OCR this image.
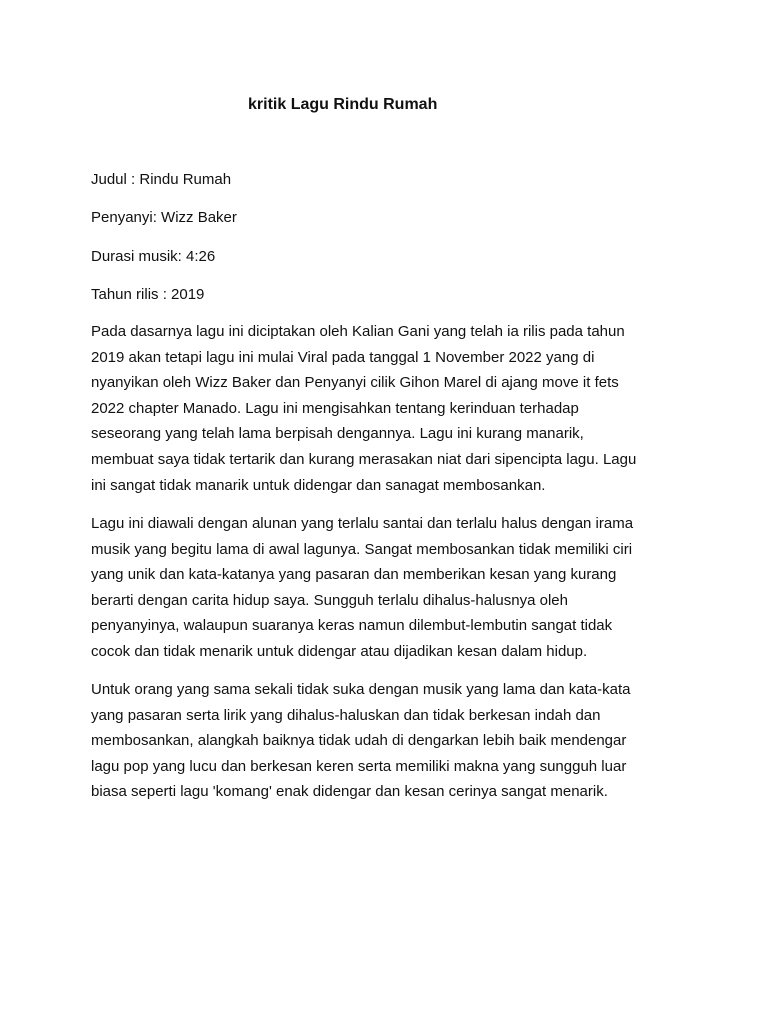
kritik Lagu Rindu Rumah

Judul : Rindu Rumah

Penyanyi: Wizz Baker

Durasi musik: 4:26

Tahun rilis : 2019

Pada dasarnya lagu ini diciptakan oleh Kalian Gani yang telah ia rilis pada tahun
2019 akan tetapi lagu ini mulai Viral pada tanggal 1 November 2022 yang di
nyanyikan oleh Wizz Baker dan Penyanyi cilik Gihon Marel di ajang move it fets
2022 chapter Manado. Lagu ini mengisahkan tentang kerinduan terhadap
seseorang yang telah lama berpisah dengannya. Lagu ini kurang manarik,
membuat saya tidak tertarik dan kurang merasakan niat dari sipencipta lagu. Lagu
ini sangat tidak manarik untuk didengar dan sanagat membosankan.
Lagu ini diawali dengan alunan yang terlalu santai dan terlalu halus dengan irama
musik yang begitu lama di awal lagunya. Sangat membosankan tidak memiliki ciri
yang unik dan kata-katanya yang pasaran dan memberikan kesan yang kurang
berarti dengan carita hidup saya. Sungguh terlalu dihalus-halusnya oleh
penyanyinya, walaupun suaranya keras namun dilembut-lembutin sangat tidak
cocok dan tidak menarik untuk didengar atau dijadikan kesan dalam hidup.
Untuk orang yang sama sekali tidak suka dengan musik yang lama dan kata-kata
yang pasaran serta lirik yang dihalus-haluskan dan tidak berkesan indah dan
membosankan, alangkah baiknya tidak udah di dengarkan lebih baik mendengar
lagu pop yang lucu dan berkesan keren serta memiliki makna yang sungguh luar
biasa seperti lagu 'komang' enak didengar dan kesan cerinya sangat menarik.
